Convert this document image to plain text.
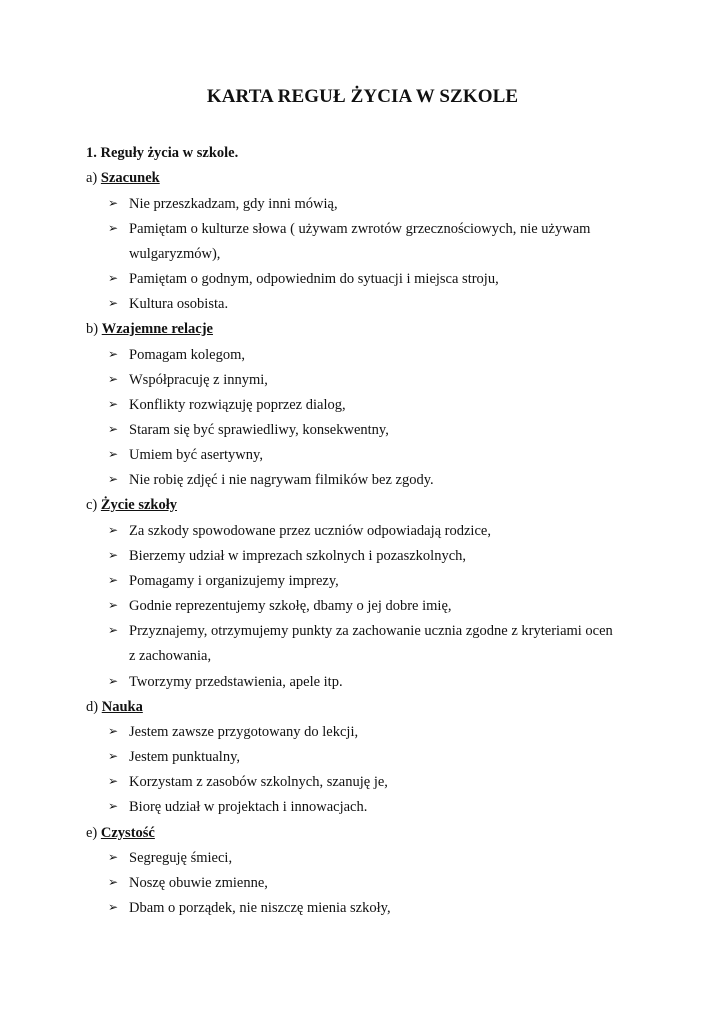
KARTA REGUŁ ŻYCIA W SZKOLE
1. Reguły życia w szkole.
a) Szacunek
➢ Nie przeszkadzam, gdy inni mówią,
➢ Pamiętam o kulturze słowa ( używam zwrotów grzecznościowych, nie używam
wulgaryzmów),
➢ Pamiętam o godnym, odpowiednim do sytuacji i miejsca stroju,
➢ Kultura osobista.
b) Wzajemne relacje
➢ Pomagam kolegom,
➢ Współpracuję z innymi,
➢ Konflikty rozwiązuję poprzez dialog,
➢ Staram się być sprawiedliwy, konsekwentny,
➢ Umiem być asertywny,
➢ Nie robię zdjęć i nie nagrywam filmików bez zgody.
c) Życie szkoły
➢ Za szkody spowodowane przez uczniów odpowiadają rodzice,
➢ Bierzemy udział w imprezach szkolnych i pozaszkolnych,
➢ Pomagamy i organizujemy imprezy,
➢ Godnie reprezentujemy szkołę, dbamy o jej dobre imię,
➢ Przyznajemy, otrzymujemy punkty za zachowanie ucznia zgodne z kryteriami ocen
z zachowania,
➢ Tworzymy przedstawienia, apele itp.
d) Nauka
➢ Jestem zawsze przygotowany do lekcji,
➢ Jestem punktualny,
➢ Korzystam z zasobów szkolnych, szanuję je,
➢ Biorę udział w projektach i innowacjach.
e) Czystość
➢ Segreguję śmieci,
➢ Noszę obuwie zmienne,
➢ Dbam o porządek, nie niszczę mienia szkoły,
